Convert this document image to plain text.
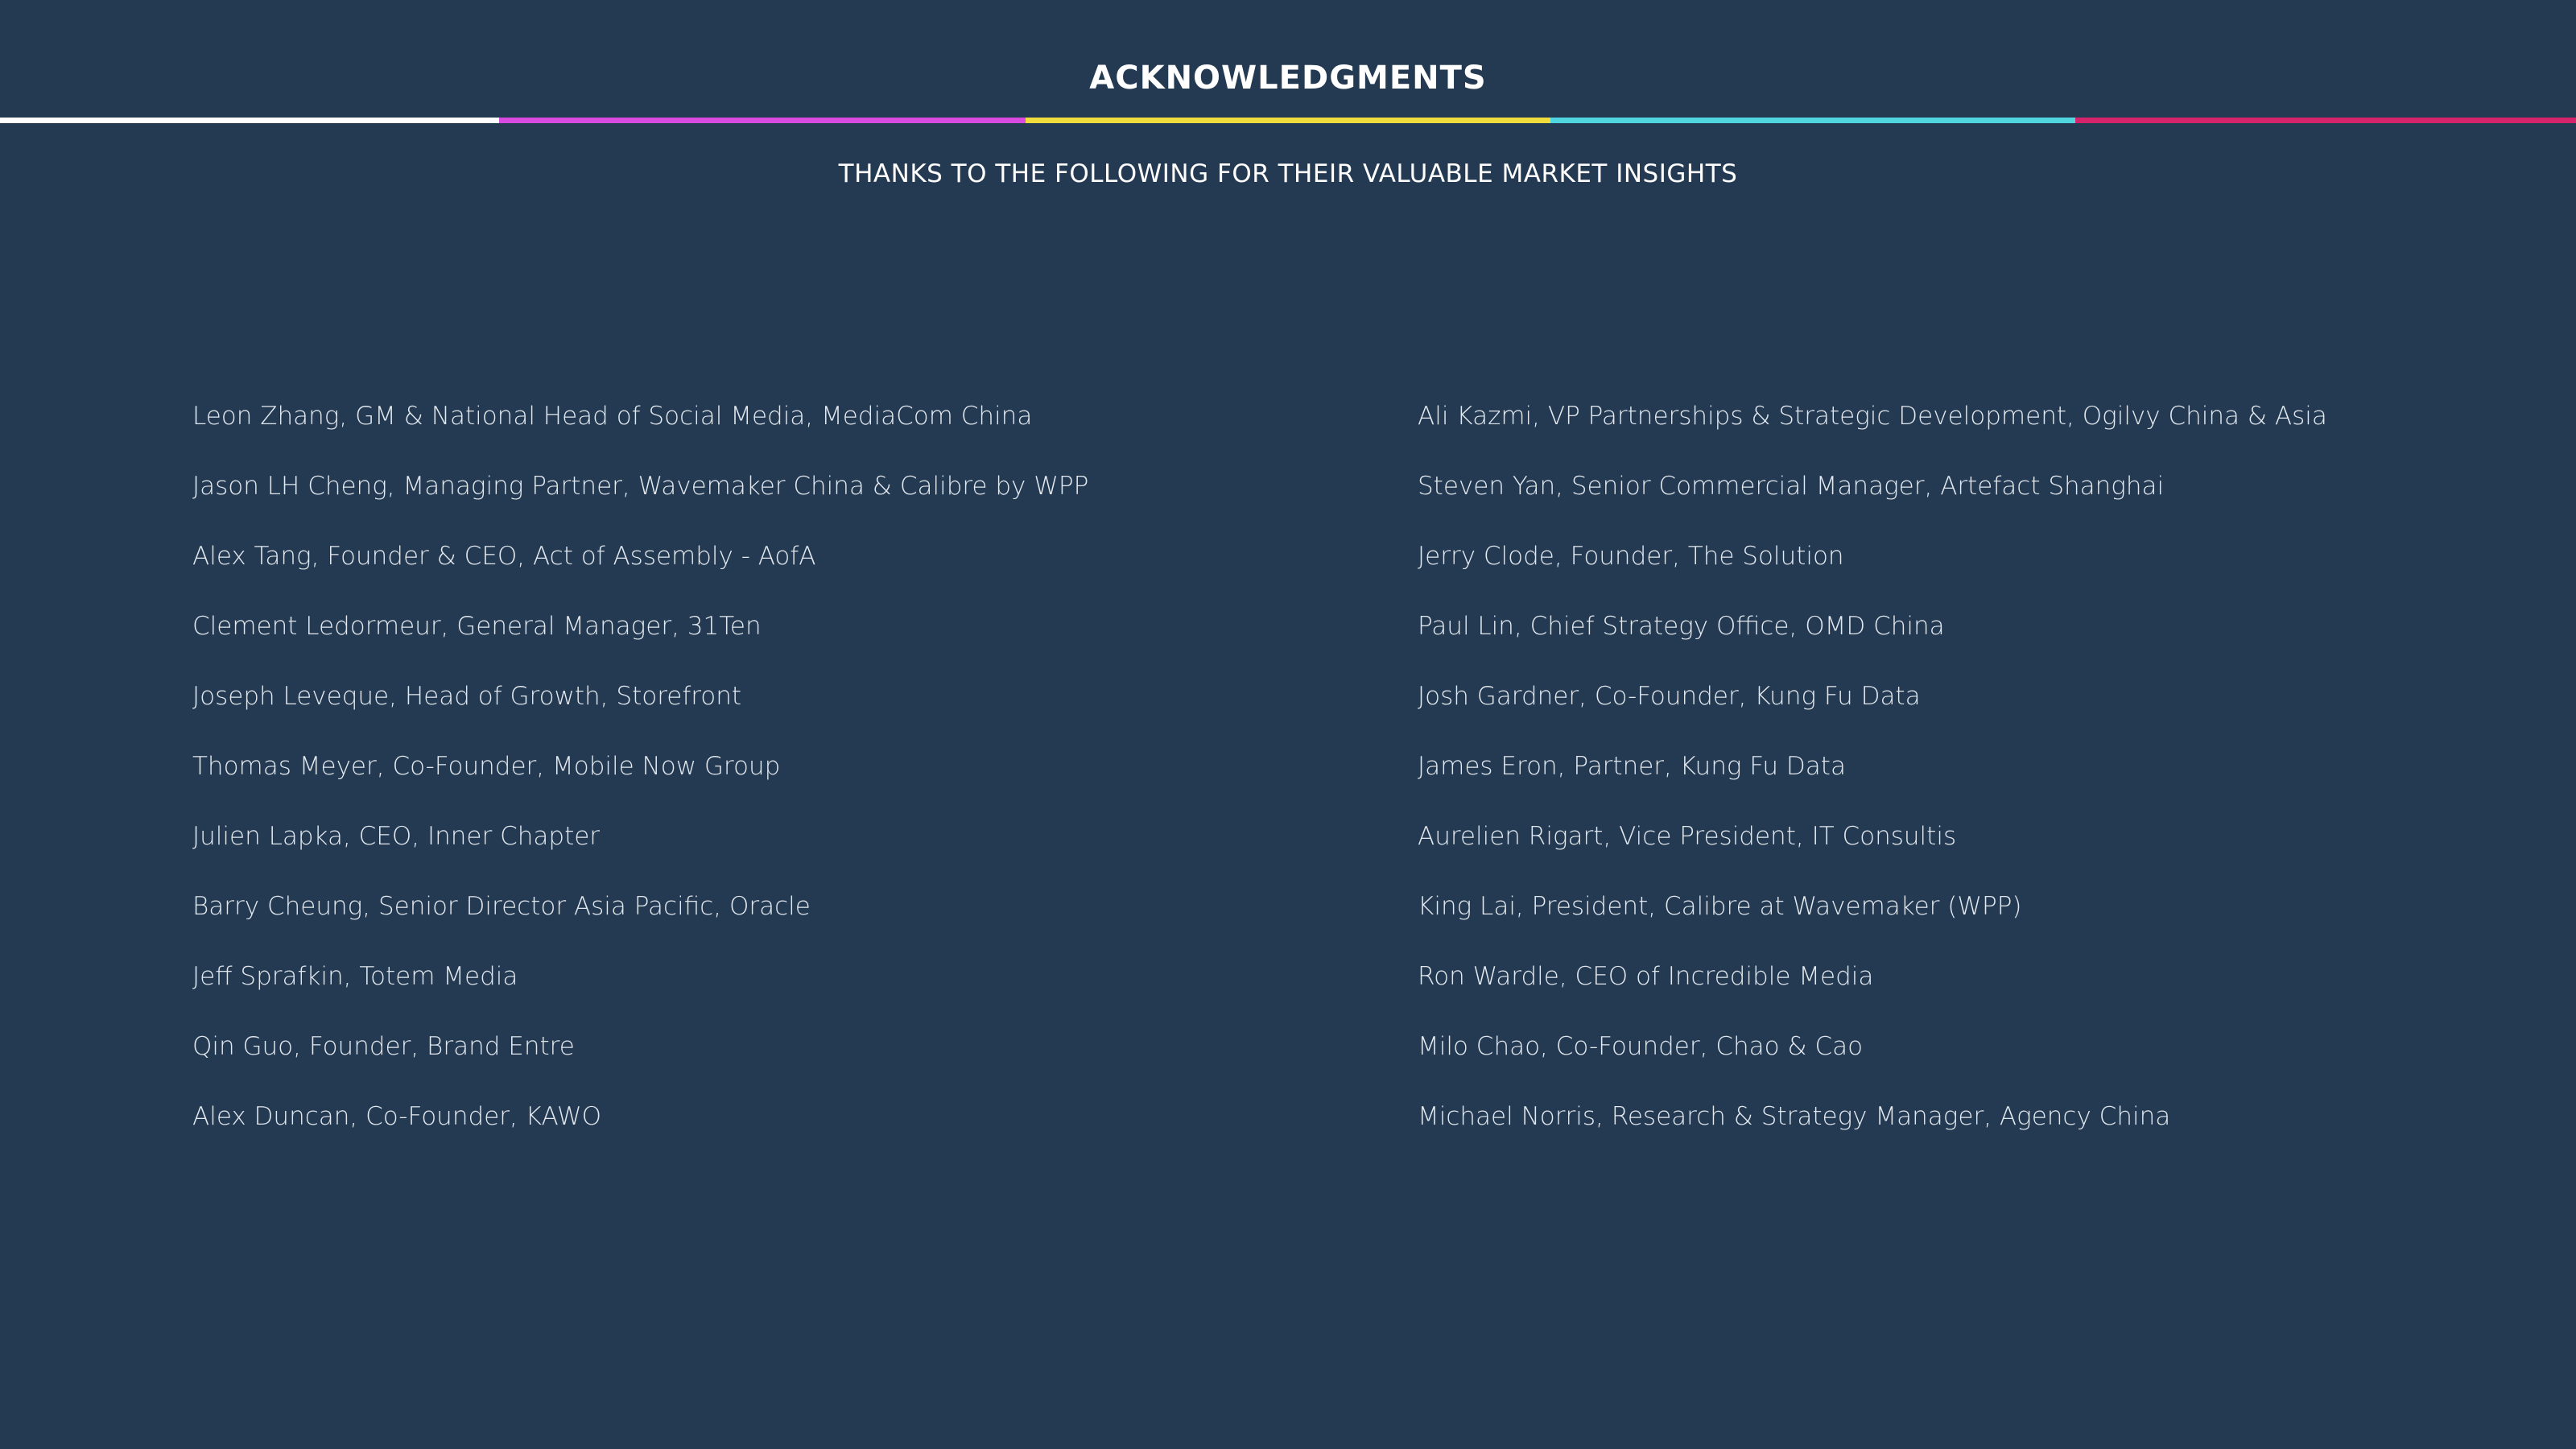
ACKNOWLEDGMENTS
THANKS TO THE FOLLOWING FOR THEIR VALUABLE MARKET INSIGHTS
Leon Zhang, GM & National Head of Social Media, MediaCom China
Jason LH Cheng, Managing Partner, Wavemaker China & Calibre by WPP
Alex Tang, Founder & CEO, Act of Assembly - AofA
Clement Ledormeur, General Manager, 31Ten
Joseph Leveque, Head of Growth, Storefront
Thomas Meyer, Co-Founder, Mobile Now Group
Julien Lapka, CEO, Inner Chapter
Barry Cheung, Senior Director Asia Pacific, Oracle
Jeff Sprafkin, Totem Media
Qin Guo, Founder, Brand Entre
Alex Duncan, Co-Founder, KAWO
Ali Kazmi, VP Partnerships & Strategic Development, Ogilvy China & Asia
Steven Yan, Senior Commercial Manager, Artefact Shanghai
Jerry Clode, Founder, The Solution
Paul Lin, Chief Strategy Office, OMD China
Josh Gardner, Co-Founder, Kung Fu Data
James Eron, Partner, Kung Fu Data
Aurelien Rigart, Vice President, IT Consultis
King Lai, President, Calibre at Wavemaker (WPP)
Ron Wardle, CEO of Incredible Media
Milo Chao, Co-Founder, Chao & Cao
Michael Norris, Research & Strategy Manager, Agency China
